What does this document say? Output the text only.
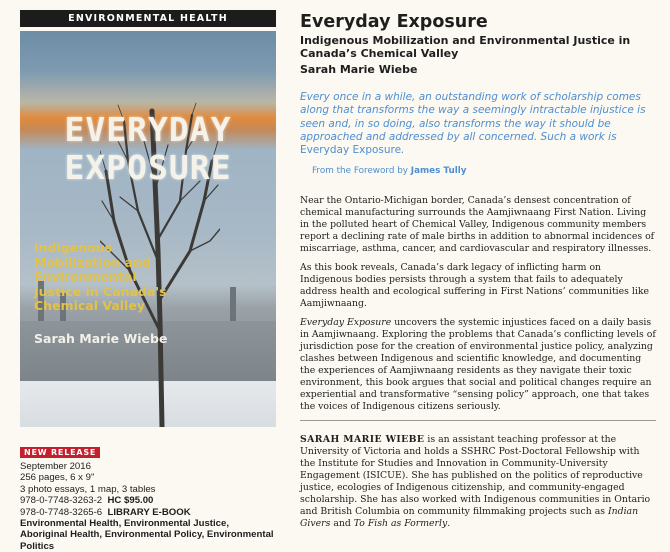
ENVIRONMENTAL HEALTH
EVERYDAY
EXPOSURE
Indigenous
Mobilization and
Environmental
Justice in Canada's
Chemical Valley
Sarah Marie Wiebe
NEW RELEASE
September 2016
256 pages, 6 x 9"
3 photo essays, 1 map, 3 tables
978-0-7748-3263-2 HC $95.00
978-0-7748-3265-6 LIBRARY E-BOOK
Environmental Health, Environmental Justice, Aboriginal Health, Environmental Policy, Environmental Politics
Everyday Exposure
Indigenous Mobilization and Environmental Justice in Canada’s Chemical Valley
Sarah Marie Wiebe
Every once in a while, an outstanding work of scholarship comes along that transforms the way a seemingly intractable injustice is seen and, in so doing, also transforms the way it should be approached and addressed by all concerned. Such a work is Everyday Exposure.
From the Foreword by James Tully

Near the Ontario-Michigan border, Canada’s densest concentration of chemical manufacturing surrounds the Aamjiwnaang First Nation. Living in the polluted heart of Chemical Valley, Indigenous community members report a declining rate of male births in addition to abnormal incidences of miscarriage, asthma, cancer, and cardiovascular and respiratory illnesses.

As this book reveals, Canada’s dark legacy of inflicting harm on Indigenous bodies persists through a system that fails to adequately address health and ecological suffering in First Nations’ communities like Aamjiwnaang.

Everyday Exposure uncovers the systemic injustices faced on a daily basis in Aamjiwnaang. Exploring the problems that Canada’s conflicting levels of jurisdiction pose for the creation of environmental justice policy, analyzing clashes between Indigenous and scientific knowledge, and documenting the experiences of Aamjiwnaang residents as they navigate their toxic environment, this book argues that social and political changes require an experiential and transformative “sensing policy” approach, one that takes the voices of Indigenous citizens seriously.

SARAH MARIE WIEBE is an assistant teaching professor at the University of Victoria and holds a SSHRC Post-Doctoral Fellowship with the Institute for Studies and Innovation in Community-University Engagement (ISICUE). She has published on the politics of reproductive justice, ecologies of Indigenous citizenship, and community-engaged scholarship. She has also worked with Indigenous communities in Ontario and British Columbia on community filmmaking projects such as Indian Givers and To Fish as Formerly.
